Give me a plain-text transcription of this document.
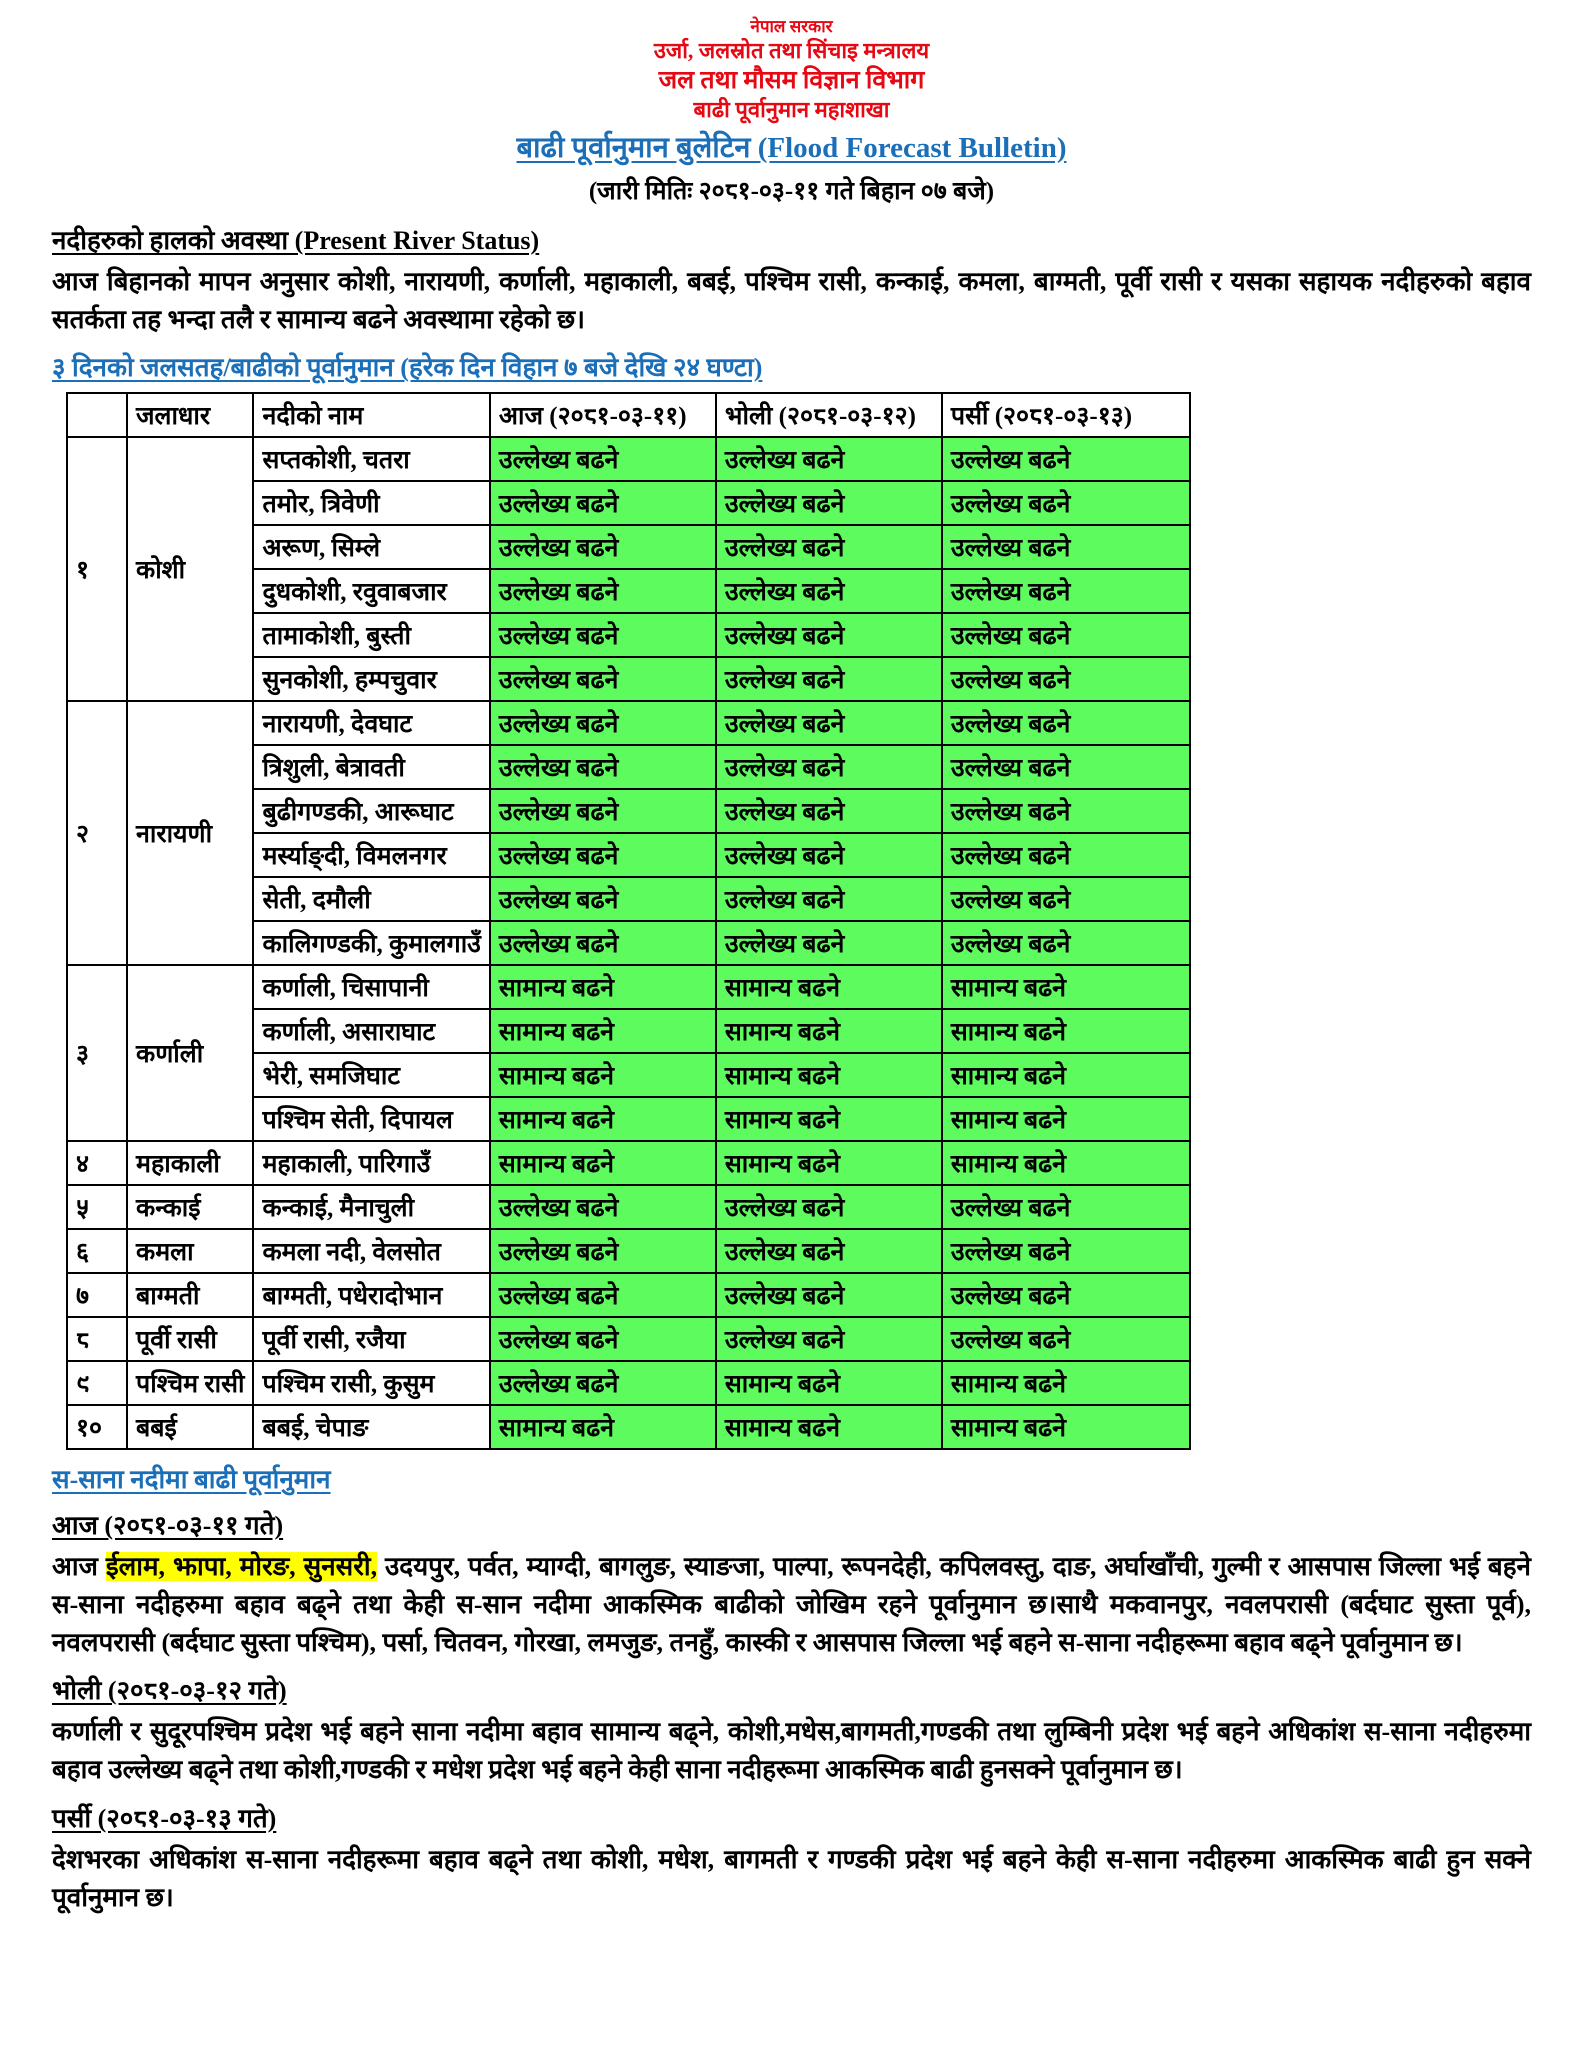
नेपाल सरकार
उर्जा, जलस्रोत तथा सिंचाइ मन्त्रालय
जल तथा मौसम विज्ञान विभाग
बाढी पूर्वानुमान महाशाखा
बाढी पूर्वानुमान बुलेटिन (Flood Forecast Bulletin)
(जारी मितिः २०८१-०३-११ गते बिहान ०७ बजे)
नदीहरुको हालको अवस्था (Present River Status)
आज बिहानको मापन अनुसार कोशी, नारायणी, कर्णाली, महाकाली, बबई, पश्चिम रासी, कन्काई, कमला, बाग्मती, पूर्वी रासी र यसका सहायक नदीहरुको बहाव सतर्कता तह भन्दा तलै र सामान्य बढने अवस्थामा रहेको छ।
३ दिनको जलसतह/बाढीको पूर्वानुमान (हरेक दिन विहान ७ बजे देखि २४ घण्टा)
	जलाधार	नदीको नाम	आज (२०८१-०३-११)	भोली (२०८१-०३-१२)	पर्सी (२०८१-०३-१३)
१	कोशी	सप्तकोशी, चतरा	उल्लेख्य बढने	उल्लेख्य बढने	उल्लेख्य बढने
		तमोर, त्रिवेणी	उल्लेख्य बढने	उल्लेख्य बढने	उल्लेख्य बढने
		अरूण, सिम्ले	उल्लेख्य बढने	उल्लेख्य बढने	उल्लेख्य बढने
		दुधकोशी, रवुवाबजार	उल्लेख्य बढने	उल्लेख्य बढने	उल्लेख्य बढने
		तामाकोशी, बुस्ती	उल्लेख्य बढने	उल्लेख्य बढने	उल्लेख्य बढने
		सुनकोशी, हम्पचुवार	उल्लेख्य बढने	उल्लेख्य बढने	उल्लेख्य बढने
२	नारायणी	नारायणी, देवघाट	उल्लेख्य बढने	उल्लेख्य बढने	उल्लेख्य बढने
		त्रिशुली, बेत्रावती	उल्लेख्य बढने	उल्लेख्य बढने	उल्लेख्य बढने
		बुढीगण्डकी, आरूघाट	उल्लेख्य बढने	उल्लेख्य बढने	उल्लेख्य बढने
		मर्स्याङ्दी, विमलनगर	उल्लेख्य बढने	उल्लेख्य बढने	उल्लेख्य बढने
		सेती, दमौली	उल्लेख्य बढने	उल्लेख्य बढने	उल्लेख्य बढने
		कालिगण्डकी, कुमालगाउँ	उल्लेख्य बढने	उल्लेख्य बढने	उल्लेख्य बढने
३	कर्णाली	कर्णाली, चिसापानी	सामान्य बढने	सामान्य बढने	सामान्य बढने
		कर्णाली, असाराघाट	सामान्य बढने	सामान्य बढने	सामान्य बढने
		भेरी, समजिघाट	सामान्य बढने	सामान्य बढने	सामान्य बढने
		पश्चिम सेती, दिपायल	सामान्य बढने	सामान्य बढने	सामान्य बढने
४	महाकाली	महाकाली, पारिगाउँ	सामान्य बढने	सामान्य बढने	सामान्य बढने
५	कन्काई	कन्काई, मैनाचुली	उल्लेख्य बढने	उल्लेख्य बढने	उल्लेख्य बढने
६	कमला	कमला नदी, वेलसोत	उल्लेख्य बढने	उल्लेख्य बढने	उल्लेख्य बढने
७	बाग्मती	बाग्मती, पधेरादोभान	उल्लेख्य बढने	उल्लेख्य बढने	उल्लेख्य बढने
८	पूर्वी रासी	पूर्वी रासी, रजैया	उल्लेख्य बढने	उल्लेख्य बढने	उल्लेख्य बढने
९	पश्चिम रासी	पश्चिम रासी, कुसुम	उल्लेख्य बढने	सामान्य बढने	सामान्य बढने
१०	बबई	बबई, चेपाङ	सामान्य बढने	सामान्य बढने	सामान्य बढने
स-साना नदीमा बाढी पूर्वानुमान
आज (२०८१-०३-११ गते)
आज ईलाम, झापा, मोरङ, सुनसरी, उदयपुर, पर्वत, म्याग्दी, बागलुङ, स्याङजा, पाल्पा, रूपनदेही, कपिलवस्तु, दाङ, अर्घाखाँची, गुल्मी र आसपास जिल्ला भई बहने स-साना नदीहरुमा बहाव बढ्ने तथा केही स-सान नदीमा आकस्मिक बाढीको जोखिम रहने पूर्वानुमान छ।साथै मकवानपुर, नवलपरासी (बर्दघाट सुस्ता पूर्व), नवलपरासी (बर्दघाट सुस्ता पश्चिम), पर्सा, चितवन, गोरखा, लमजुङ, तनहुँ, कास्की र आसपास जिल्ला भई बहने स-साना नदीहरूमा बहाव बढ्ने पूर्वानुमान छ।
भोली (२०८१-०३-१२ गते)
कर्णाली र सुदूरपश्चिम प्रदेश भई बहने साना नदीमा बहाव सामान्य बढ्ने, कोशी,मधेस,बागमती,गण्डकी तथा लुम्बिनी प्रदेश भई बहने अधिकांश स-साना नदीहरुमा बहाव उल्लेख्य बढ्ने तथा कोशी,गण्डकी र मधेश प्रदेश भई बहने केही साना नदीहरूमा आकस्मिक बाढी हुनसक्ने पूर्वानुमान छ।
पर्सी (२०८१-०३-१३ गते)
देशभरका अधिकांश स-साना नदीहरूमा बहाव बढ्ने तथा कोशी, मधेश, बागमती र गण्डकी प्रदेश भई बहने केही स-साना नदीहरुमा आकस्मिक बाढी हुन सक्ने पूर्वानुमान छ।
